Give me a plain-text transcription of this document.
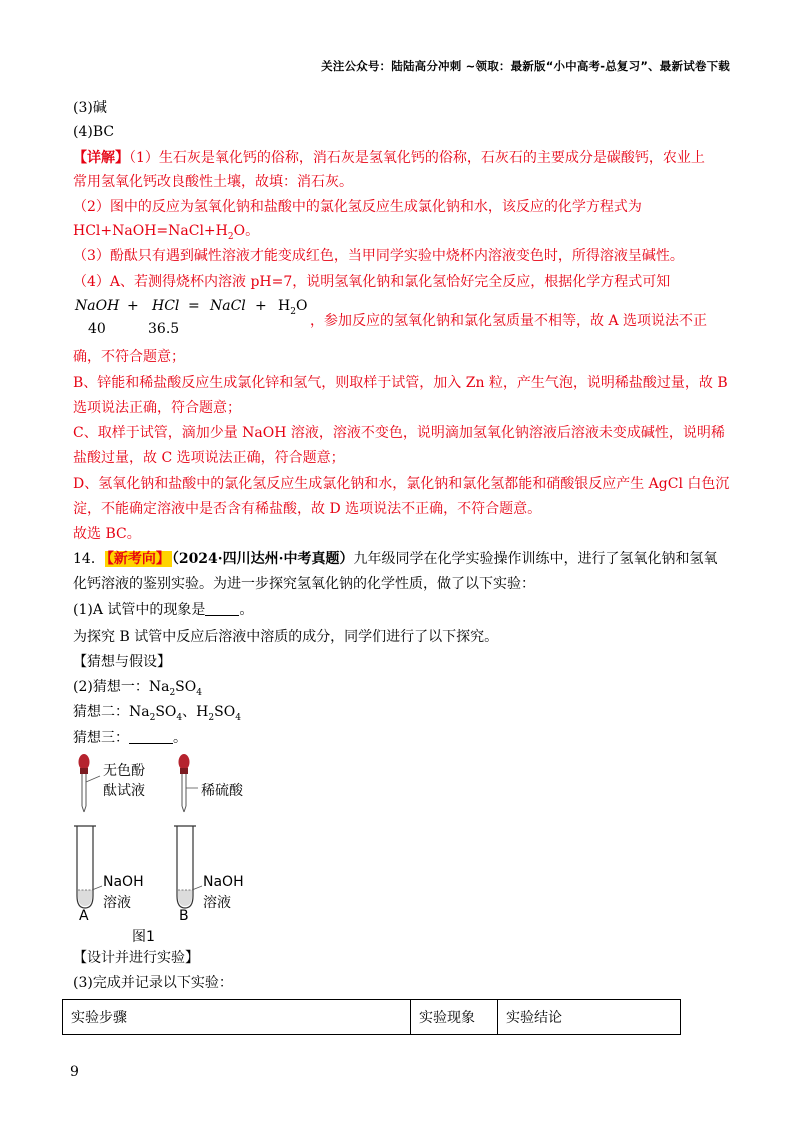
关注公众号：陆陆高分冲刺 ~领取：最新版“小中高考-总复习”、最新试卷下载
(3)碱
(4)BC
【详解】（1）生石灰是氧化钙的俗称，消石灰是氢氧化钙的俗称，石灰石的主要成分是碳酸钙，农业上
常用氢氧化钙改良酸性土壤，故填：消石灰。
（2）图中的反应为氢氧化钠和盐酸中的氯化氢反应生成氯化钠和水，该反应的化学方程式为
$HCl+NaOH=NaCl+H_2O$。
（3）酚酞只有遇到碱性溶液才能变成红色，当甲同学实验中烧杯内溶液变色时，所得溶液呈碱性。
（4）A、若测得烧杯内溶液 pH=7，说明氢氧化钠和氯化氢恰好完全反应，根据化学方程式可知
NaOH + HCl = NaCl + $H_2O$
40	36.5	，参加反应的氢氧化钠和氯化氢质量不相等，故 A 选项说法不正
确，不符合题意；
B、锌能和稀盐酸反应生成氯化锌和氢气，则取样于试管，加入 Zn 粒，产生气泡，说明稀盐酸过量，故 B
选项说法正确，符合题意；
C、取样于试管，滴加少量 NaOH 溶液，溶液不变色，说明滴加氢氧化钠溶液后溶液未变成碱性，说明稀
盐酸过量，故 C 选项说法正确，符合题意；
D、氢氧化钠和盐酸中的氯化氢反应生成氯化钠和水，氯化钠和氯化氢都能和硝酸银反应产生 AgCl 白色沉
淀，不能确定溶液中是否含有稀盐酸，故 D 选项说法不正确，不符合题意。
故选 BC。
14． 【新考向】 （2024·四川达州·中考真题）九年级同学在化学实验操作训练中，进行了氢氧化钠和氢氧
化钙溶液的鉴别实验。为进一步探究氢氧化钠的化学性质，做了以下实验：
(1)A 试管中的现象是 。
为探究 B 试管中反应后溶液中溶质的成分，同学们进行了以下探究。
【猜想与假设】
(2)猜想一：$Na_2SO_4$
猜想二：$Na_2SO_4$、$H_2SO_4$
猜想三：	。
无色酚
酞试液	稀硫酸
NaOH
溶液
NaOH
溶液
A	B
图1
【设计并进行实验】
(3)完成并记录以下实验：
实验步骤	实验现象	实验结论
9
